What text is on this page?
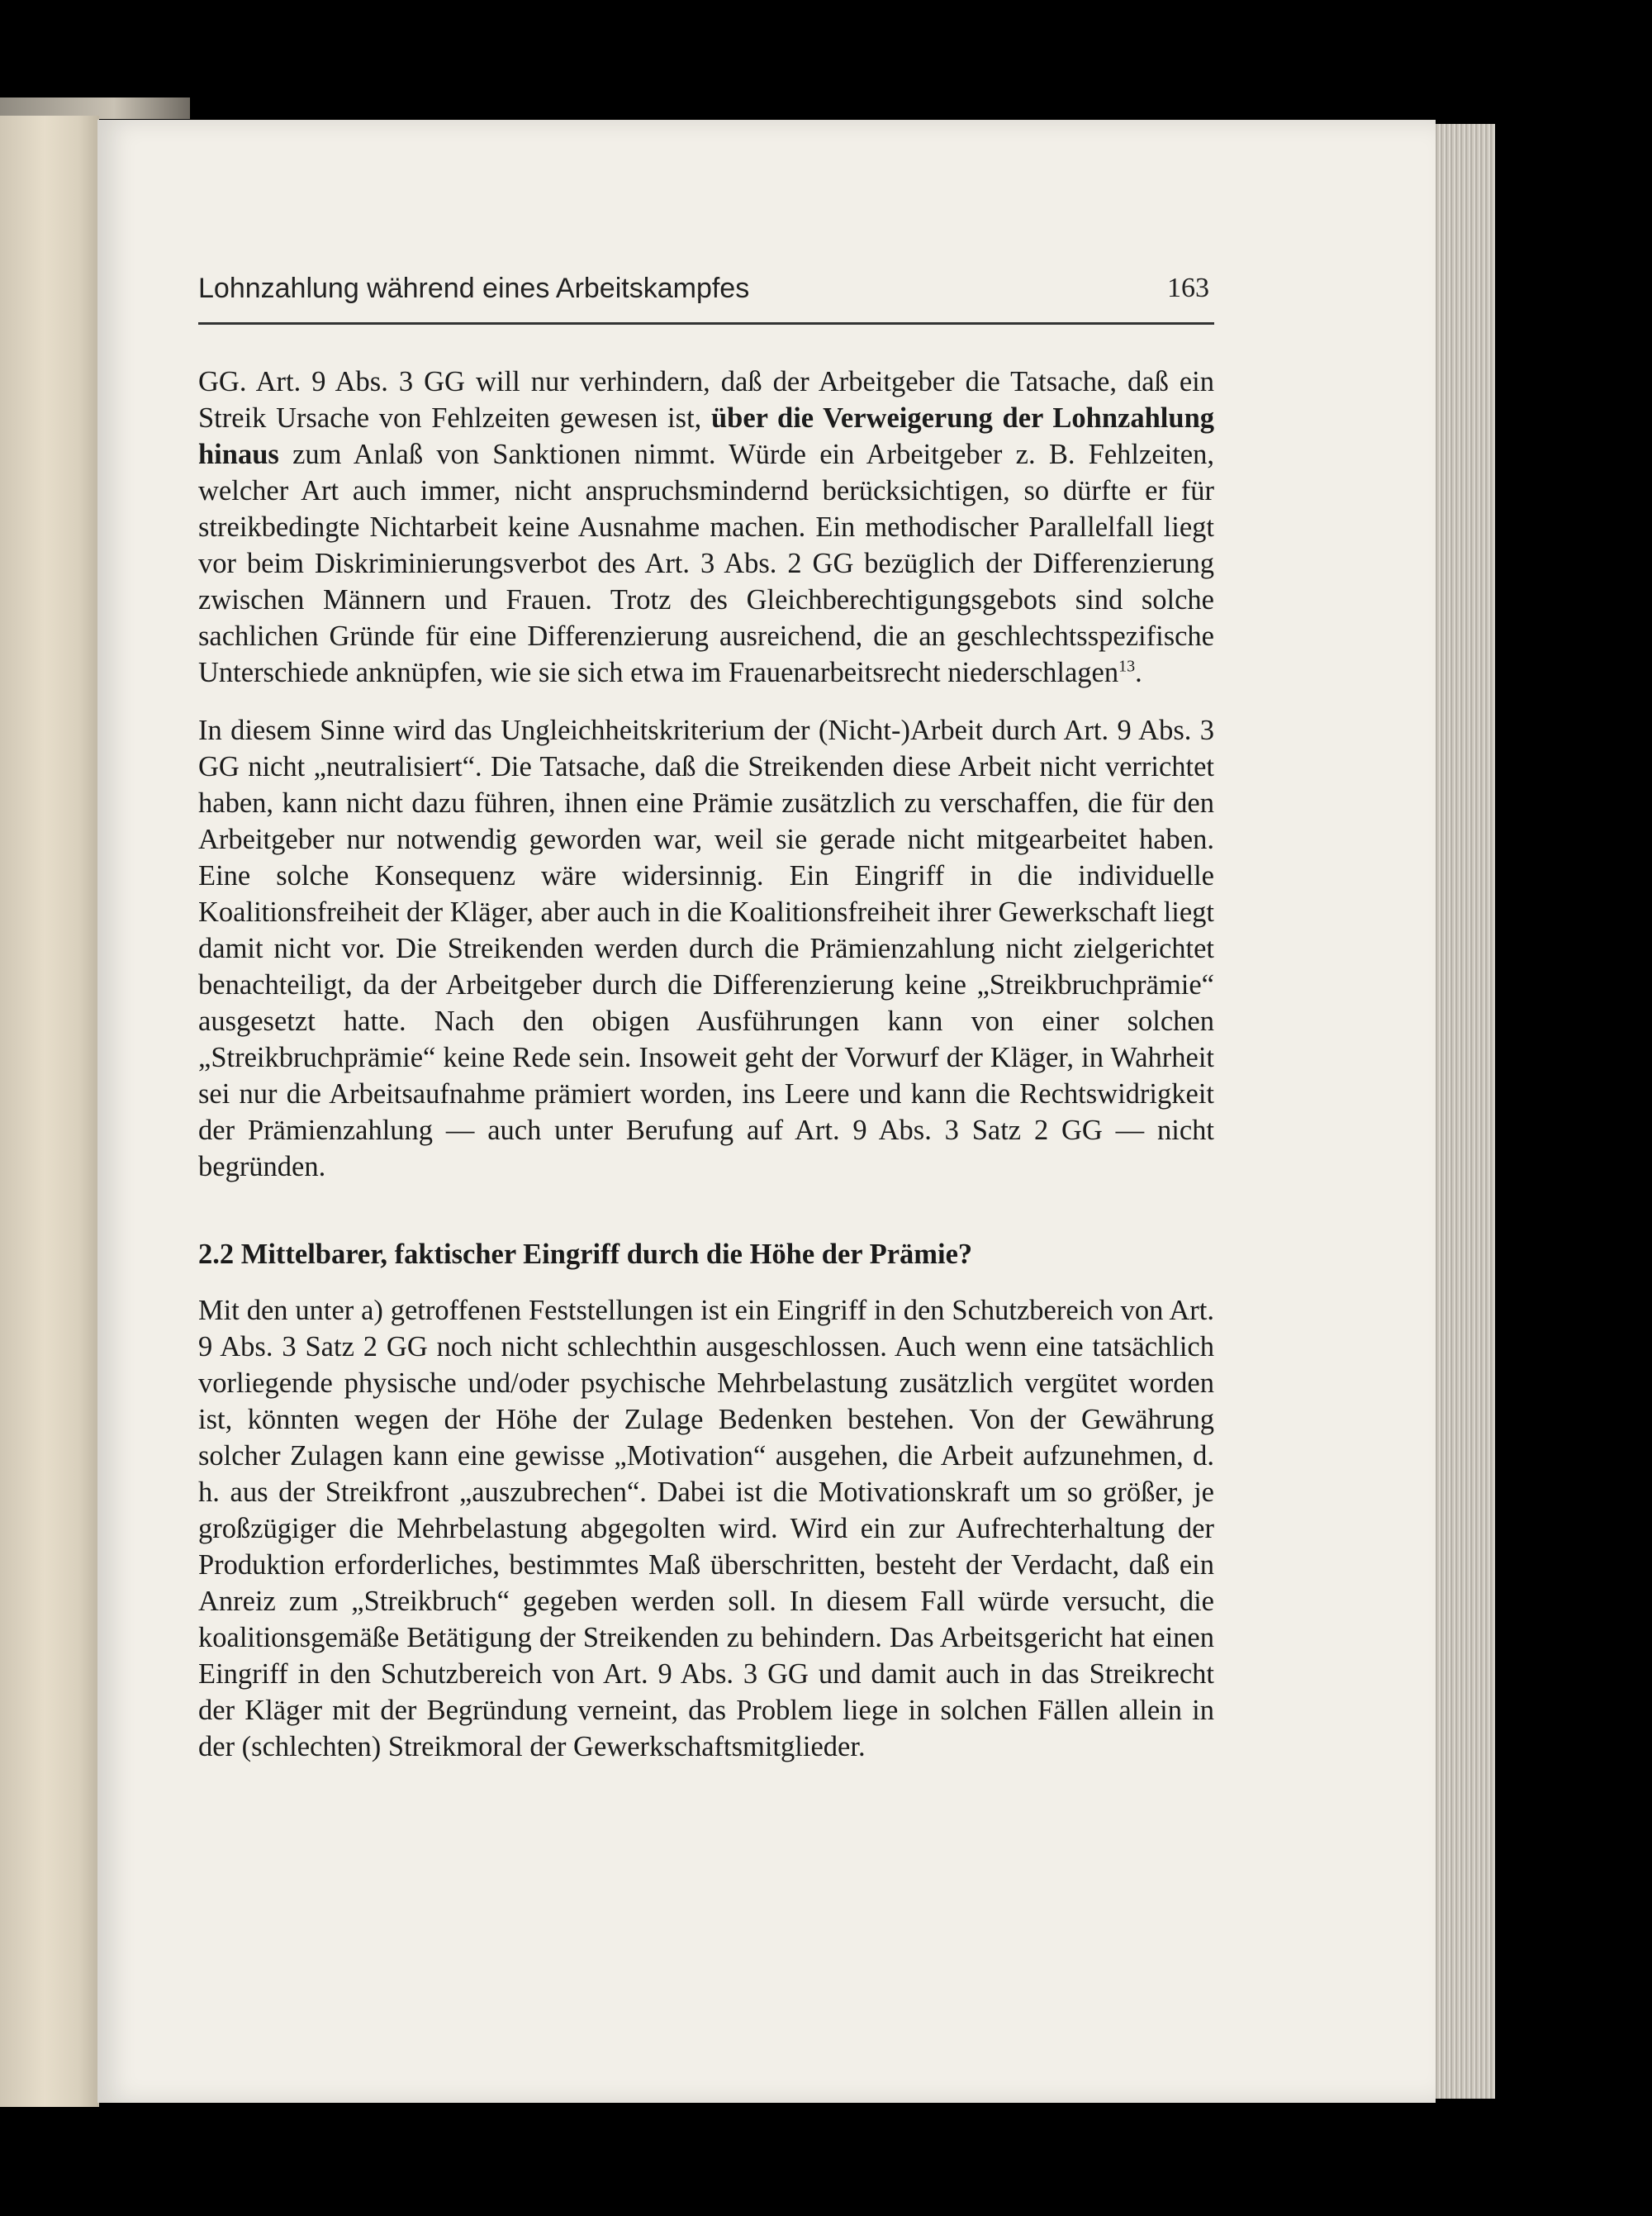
Lohnzahlung während eines Arbeitskampfes	163

GG. Art. 9 Abs. 3 GG will nur verhindern, daß der Arbeitgeber die Tatsache, daß ein Streik Ursache von Fehlzeiten gewesen ist, über die Verweigerung der Lohnzahlung hinaus zum Anlaß von Sanktionen nimmt. Würde ein Arbeitgeber z. B. Fehlzeiten, welcher Art auch immer, nicht anspruchsmindernd berücksichtigen, so dürfte er für streikbedingte Nichtarbeit keine Ausnahme machen. Ein methodischer Parallelfall liegt vor beim Diskriminierungsverbot des Art. 3 Abs. 2 GG bezüglich der Differenzierung zwischen Männern und Frauen. Trotz des Gleichberechtigungsgebots sind solche sachlichen Gründe für eine Differenzierung ausreichend, die an geschlechtsspezifische Unterschiede anknüpfen, wie sie sich etwa im Frauenarbeitsrecht niederschlagen$^{13}$.

In diesem Sinne wird das Ungleichheitskriterium der (Nicht-)Arbeit durch Art. 9 Abs. 3 GG nicht „neutralisiert“. Die Tatsache, daß die Streikenden diese Arbeit nicht verrichtet haben, kann nicht dazu führen, ihnen eine Prämie zusätzlich zu verschaffen, die für den Arbeitgeber nur notwendig geworden war, weil sie gerade nicht mitgearbeitet haben. Eine solche Konsequenz wäre widersinnig. Ein Eingriff in die individuelle Koalitionsfreiheit der Kläger, aber auch in die Koalitionsfreiheit ihrer Gewerkschaft liegt damit nicht vor. Die Streikenden werden durch die Prämienzahlung nicht zielgerichtet benachteiligt, da der Arbeitgeber durch die Differenzierung keine „Streikbruchprämie“ ausgesetzt hatte. Nach den obigen Ausführungen kann von einer solchen „Streikbruchprämie“ keine Rede sein. Insoweit geht der Vorwurf der Kläger, in Wahrheit sei nur die Arbeitsaufnahme prämiert worden, ins Leere und kann die Rechtswidrigkeit der Prämienzahlung — auch unter Berufung auf Art. 9 Abs. 3 Satz 2 GG — nicht begründen.

2.2 Mittelbarer, faktischer Eingriff durch die Höhe der Prämie?

Mit den unter a) getroffenen Feststellungen ist ein Eingriff in den Schutzbereich von Art. 9 Abs. 3 Satz 2 GG noch nicht schlechthin ausgeschlossen. Auch wenn eine tatsächlich vorliegende physische und/oder psychische Mehrbelastung zusätzlich vergütet worden ist, könnten wegen der Höhe der Zulage Bedenken bestehen. Von der Gewährung solcher Zulagen kann eine gewisse „Motivation“ ausgehen, die Arbeit aufzunehmen, d. h. aus der Streikfront „auszubrechen“. Dabei ist die Motivationskraft um so größer, je großzügiger die Mehrbelastung abgegolten wird. Wird ein zur Aufrechterhaltung der Produktion erforderliches, bestimmtes Maß überschritten, besteht der Verdacht, daß ein Anreiz zum „Streikbruch“ gegeben werden soll. In diesem Fall würde versucht, die koalitionsgemäße Betätigung der Streikenden zu behindern. Das Arbeitsgericht hat einen Eingriff in den Schutzbereich von Art. 9 Abs. 3 GG und damit auch in das Streikrecht der Kläger mit der Begründung verneint, das Problem liege in solchen Fällen allein in der (schlechten) Streikmoral der Gewerkschaftsmitglieder.
